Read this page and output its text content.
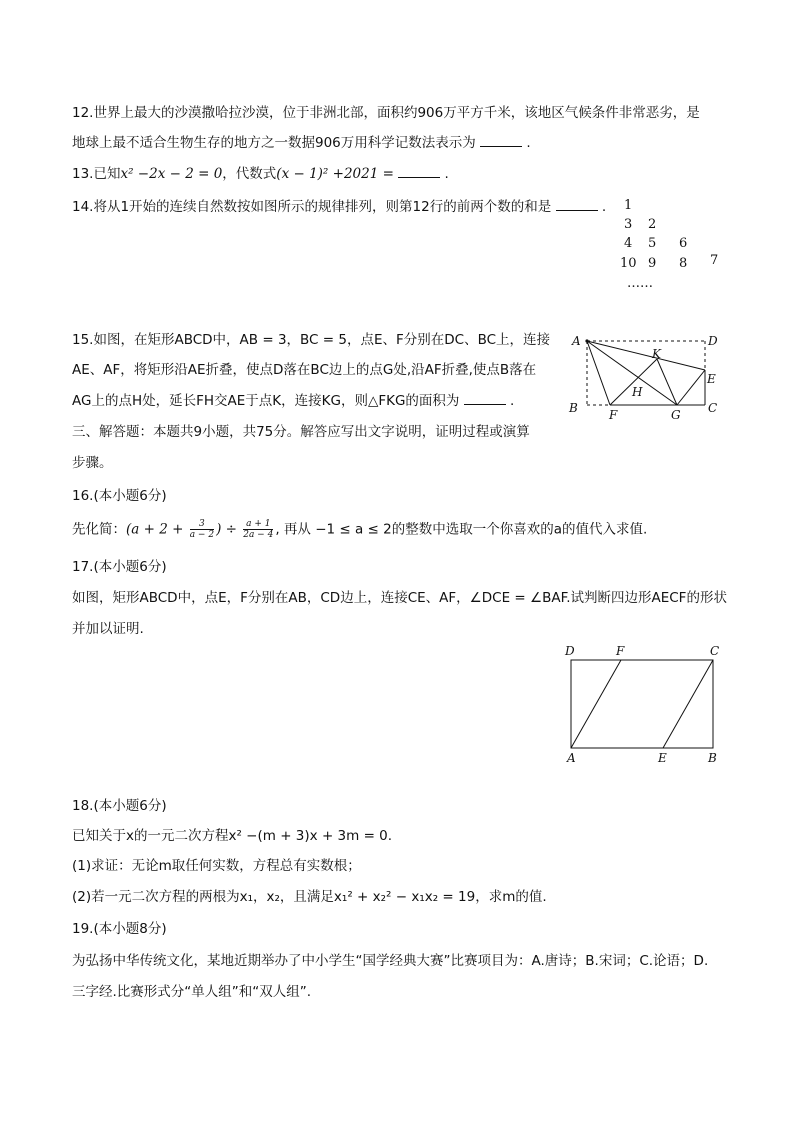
12.世界上最大的沙漠撒哈拉沙漠，位于非洲北部，面积约906万平方千米，该地区气候条件非常恶劣，是
地球上最不适合生物生存的地方之一数据906万用科学记数法表示为	.
13.已知x² −2x − 2 = 0，代数式(x − 1)² +2021 =	.
14.将从1开始的连续自然数按如图所示的规律排列，则第12行的前两个数的和是	. 1
3 2
4 5 6
10 9 8 7
……
15.如图，在矩形ABCD中，AB = 3，BC = 5，点E、F分别在DC、BC上，连接
AE、AF，将矩形沿AE折叠，使点D落在BC边上的点G处,沿AF折叠,使点B落在
AG上的点H处，延长FH交AE于点K，连接KG，则△FKG的面积为	.
A
B	C
D
E
F	G
H
K
三、解答题：本题共9小题，共75分。解答应写出文字说明，证明过程或演算
步骤。
16.(本小题6分)
先化简：($a + 2 + \frac{3}{a - 2}$ ) ÷ $\frac{a + 1}{2a - 4}$ , 再从 −1 ≤ a ≤ 2的整数中选取一个你喜欢的a的值代入求值.
17.(本小题6分)
如图，矩形ABCD中，点E，F分别在AB，CD边上，连接CE、AF，∠DCE = ∠BAF.试判断四边形AECF的形状
并加以证明.
D	F	C
A	E	B
18.(本小题6分)
已知关于x的一元二次方程x² −(m + 3)x + 3m = 0.
(1)求证：无论m取任何实数，方程总有实数根；
(2)若一元二次方程的两根为x₁，x₂，且满足x₁² + x₂² − x₁x₂ = 19，求m的值.
19.(本小题8分)
为弘扬中华传统文化，某地近期举办了中小学生“国学经典大赛”比赛项目为：A.唐诗；B.宋词；C.论语；D.
三字经.比赛形式分“单人组”和“双人组”.
